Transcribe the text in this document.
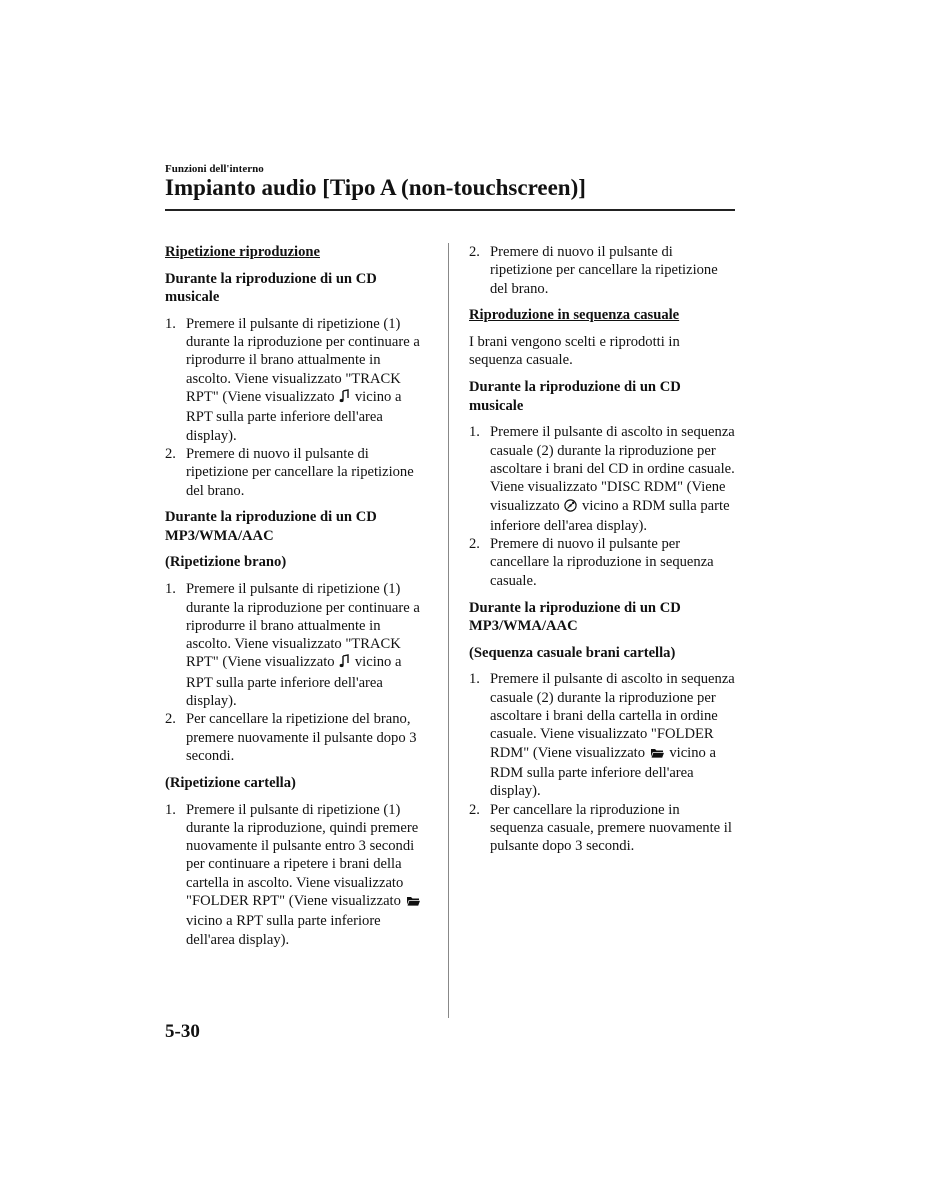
Funzioni dell'interno
Impianto audio [Tipo A (non-touchscreen)]
Ripetizione riproduzione
Durante la riproduzione di un CD musicale
1. Premere il pulsante di ripetizione (1) durante la riproduzione per continuare a riprodurre il brano attualmente in ascolto. Viene visualizzato "TRACK RPT" (Viene visualizzato vicino a RPT sulla parte inferiore dell'area display).
2. Premere di nuovo il pulsante di ripetizione per cancellare la ripetizione del brano.
Durante la riproduzione di un CD MP3/WMA/AAC
(Ripetizione brano)
1. Premere il pulsante di ripetizione (1) durante la riproduzione per continuare a riprodurre il brano attualmente in ascolto. Viene visualizzato "TRACK RPT" (Viene visualizzato vicino a RPT sulla parte inferiore dell'area display).
2. Per cancellare la ripetizione del brano, premere nuovamente il pulsante dopo 3 secondi.
(Ripetizione cartella)
1. Premere il pulsante di ripetizione (1) durante la riproduzione, quindi premere nuovamente il pulsante entro 3 secondi per continuare a ripetere i brani della cartella in ascolto. Viene visualizzato "FOLDER RPT" (Viene visualizzato  vicino a RPT sulla parte inferiore dell'area display).
2. Premere di nuovo il pulsante di ripetizione per cancellare la ripetizione del brano.
Riproduzione in sequenza casuale

I brani vengono scelti e riprodotti in sequenza casuale.

Durante la riproduzione di un CD musicale
1. Premere il pulsante di ascolto in sequenza casuale (2) durante la riproduzione per ascoltare i brani del CD in ordine casuale. Viene visualizzato "DISC RDM" (Viene visualizzato vicino a RDM sulla parte inferiore dell'area display).
2. Premere di nuovo il pulsante per cancellare la riproduzione in sequenza casuale.
Durante la riproduzione di un CD MP3/WMA/AAC
(Sequenza casuale brani cartella)
1. Premere il pulsante di ascolto in sequenza casuale (2) durante la riproduzione per ascoltare i brani della cartella in ordine casuale. Viene visualizzato "FOLDER RDM" (Viene visualizzato vicino a RDM sulla parte inferiore dell'area display).
2. Per cancellare la riproduzione in sequenza casuale, premere nuovamente il pulsante dopo 3 secondi.
5-30
